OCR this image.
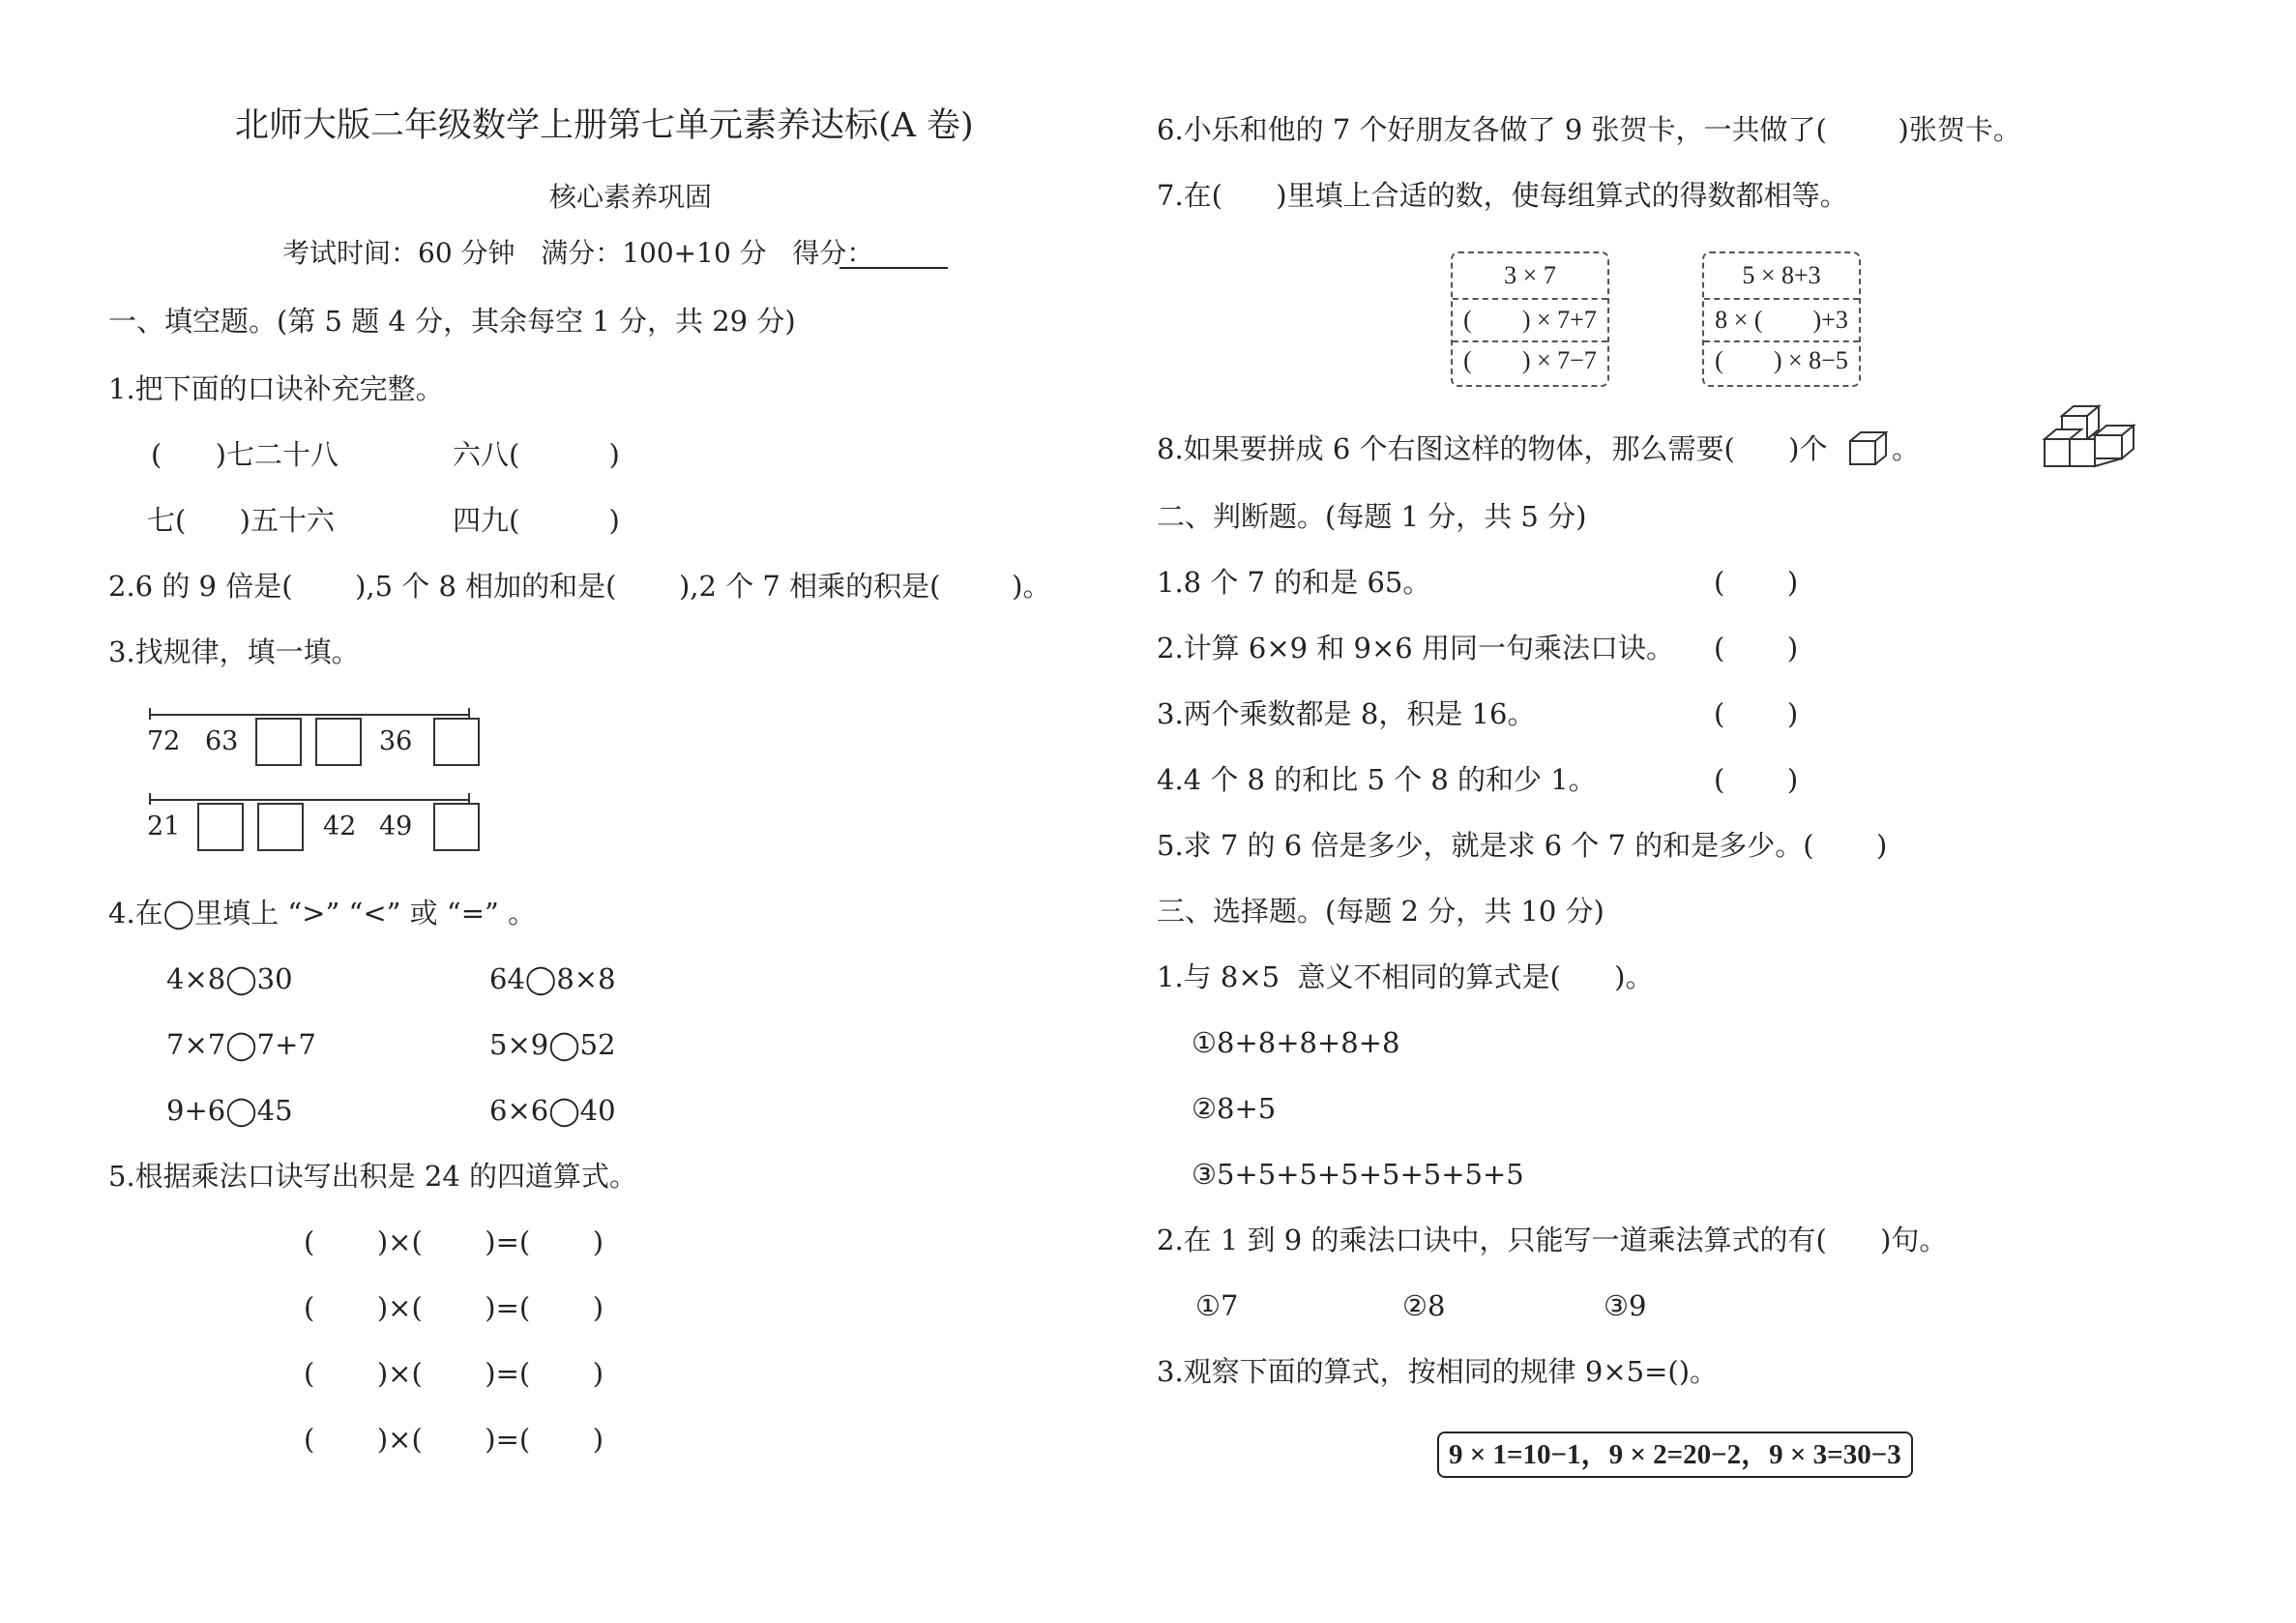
北师大版二年级数学上册第七单元素养达标(A 卷)
核心素养巩固
考试时间：60 分钟   满分：100+10 分   得分：
一、填空题。(第 5 题 4 分，其余每空 1 分，共 29 分)
1.把下面的口诀补充完整。
(      )七二十八	六八(          )
七(      )五十六	四九(          )
2.6 的 9 倍是(       ),5 个 8 相加的和是(       ),2 个 7 相乘的积是(        )。
3.找规律，填一填。
72 63	36
21	42 49
4.在◯里填上 “>” “<” 或 “=” 。
4×8◯30	64◯8×8
7×7◯7+7	5×9◯52
9+6◯45	6×6◯40
5.根据乘法口诀写出积是 24 的四道算式。
(       )×(       )=(       )
(       )×(       )=(       )
(       )×(       )=(       )
(       )×(       )=(       )
6.小乐和他的 7 个好朋友各做了 9 张贺卡，一共做了(        )张贺卡。
7.在(      )里填上合适的数，使每组算式的得数都相等。
3 × 7
(        ) × 7+7
(        ) × 7−7
5 × 8+3
8 × (        )+3
(        ) × 8−5
8.如果要拼成 6 个右图这样的物体，那么需要(      )个 。
二、判断题。(每题 1 分，共 5 分)
1.8 个 7 的和是 65。	(       )
2.计算 6×9 和 9×6 用同一句乘法口诀。 (       )
3.两个乘数都是 8，积是 16。	(       )
4.4 个 8 的和比 5 个 8 的和少 1。	(       )
5.求 7 的 6 倍是多少，就是求 6 个 7 的和是多少。(       )
三、选择题。(每题 2 分，共 10 分)
1.与 8×5  意义不相同的算式是(      )。
①8+8+8+8+8
②8+5
③5+5+5+5+5+5+5+5
2.在 1 到 9 的乘法口诀中，只能写一道乘法算式的有(      )句。
①7	②8	③9
3.观察下面的算式，按相同的规律 9×5=()。
9 × 1=10−1，9 × 2=20−2，9 × 3=30−3
